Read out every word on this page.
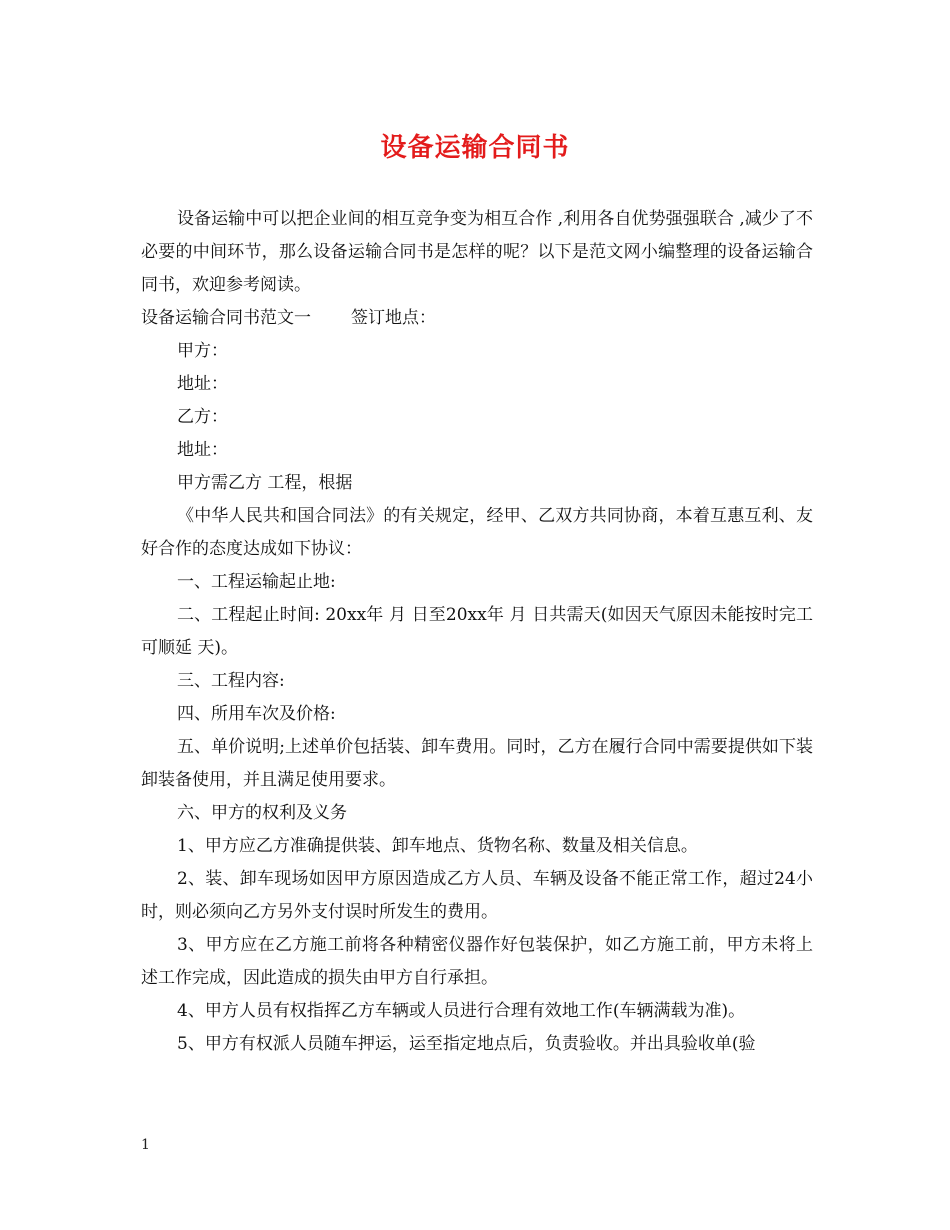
设备运输合同书

设备运输中可以把企业间的相互竞争变为相互合作 ,利用各自优势强强联合 ,减少了不必要的中间环节，那么设备运输合同书是怎样的呢？以下是范文网小编整理的设备运输合同书，欢迎参考阅读。

设备运输合同书范文一 签订地点：

甲方：

地址：

乙方：

地址：

甲方需乙方 工程，根据

《中华人民共和国合同法》的有关规定，经甲、乙双方共同协商，本着互惠互利、友好合作的态度达成如下协议：

一、工程运输起止地:

二、工程起止时间: 20xx年 月 日至20xx年 月 日共需天(如因天气原因未能按时完工可顺延 天)。

三、工程内容:

四、所用车次及价格:

五、单价说明;上述单价包括装、卸车费用。同时，乙方在履行合同中需要提供如下装卸装备使用，并且满足使用要求。

六、甲方的权利及义务

1、甲方应乙方准确提供装、卸车地点、货物名称、数量及相关信息。

2、装、卸车现场如因甲方原因造成乙方人员、车辆及设备不能正常工作，超过24小时，则必须向乙方另外支付误时所发生的费用。

3、甲方应在乙方施工前将各种精密仪器作好包装保护，如乙方施工前，甲方未将上述工作完成，因此造成的损失由甲方自行承担。

4、甲方人员有权指挥乙方车辆或人员进行合理有效地工作(车辆满载为准)。

5、甲方有权派人员随车押运，运至指定地点后，负责验收。并出具验收单(验

1
